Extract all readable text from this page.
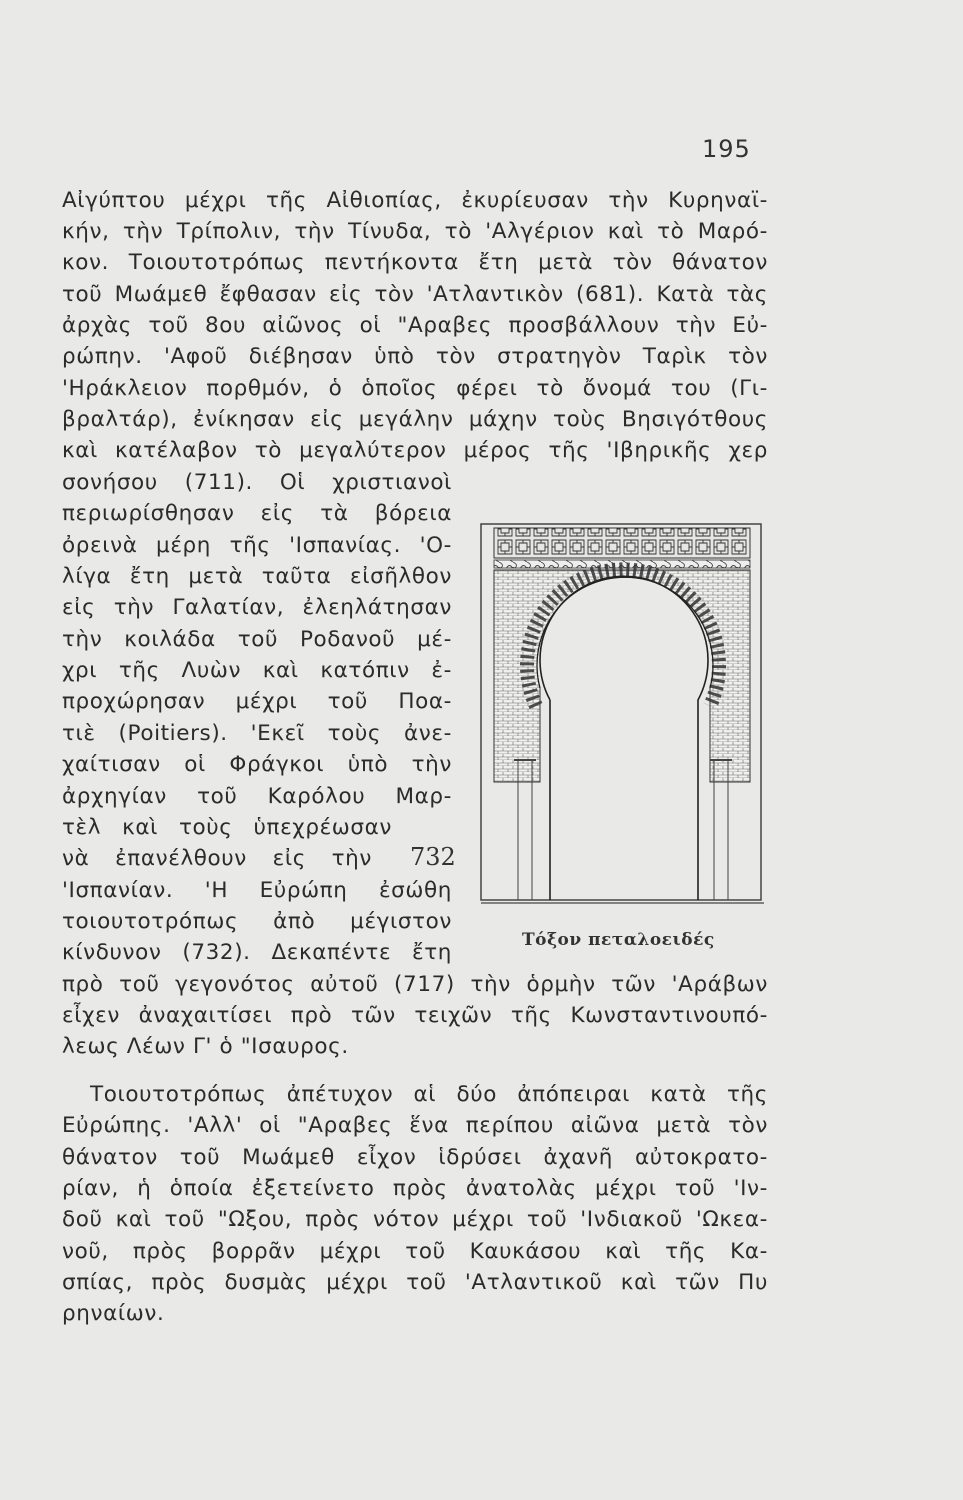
195
Αἰγύπτου μέχρι τῆς Αἰθιοπίας, ἐκυρίευσαν τὴν Κυρηναϊ-
κήν, τὴν Τρίπολιν, τὴν Τίνυδα, τὸ 'Αλγέριον καὶ τὸ Μαρό-
κον. Τοιουτοτρόπως πεντήκοντα ἔτη μετὰ τὸν θάνατον
τοῦ Μωάμεθ ἔφθασαν εἰς τὸν 'Ατλαντικὸν (681). Κατὰ τὰς
ἀρχὰς τοῦ 8ου αἰῶνος οἱ "Αραβες προσβάλλουν τὴν Εὐ-
ρώπην. 'Αφοῦ διέβησαν ὑπὸ τὸν στρατηγὸν Ταρὶκ τὸν
'Ηράκλειον πορθμόν, ὁ ὁποῖος φέρει τὸ ὄνομά του (Γι-
βραλτάρ), ἐνίκησαν εἰς μεγάλην μάχην τοὺς Βησιγότθους
καὶ κατέλαβον τὸ μεγαλύτερον μέρος τῆς 'Ιβηρικῆς χερ
σονήσου (711). Οἱ χριστιανοὶ
περιωρίσθησαν εἰς τὰ βόρεια
ὀρεινὰ μέρη τῆς 'Ισπανίας. 'Ο-
λίγα ἔτη μετὰ ταῦτα εἰσῆλθον
εἰς τὴν Γαλατίαν, ἐλεηλάτησαν
τὴν κοιλάδα τοῦ Ροδανοῦ μέ-
χρι τῆς Λυὼν καὶ κατόπιν ἐ-
προχώρησαν μέχρι τοῦ Ποα-
τιὲ (Poitiers). 'Εκεῖ τοὺς ἀνε-
χαίτισαν οἱ Φράγκοι ὑπὸ τὴν
ἀρχηγίαν τοῦ Καρόλου Μαρ-
τὲλ καὶ τοὺς ὑπεχρέωσαν
νὰ ἐπανέλθουν εἰς τὴν
'Ισπανίαν. 'Η Εὐρώπη ἐσώθη
τοιουτοτρόπως ἀπὸ μέγιστον
κίνδυνον (732). Δεκαπέντε ἔτη
πρὸ τοῦ γεγονότος αὐτοῦ (717) τὴν ὁρμὴν τῶν 'Αράβων
εἶχεν ἀναχαιτίσει πρὸ τῶν τειχῶν τῆς Κωνσταντινουπό-
λεως Λέων Γ' ὁ "Ισαυρος.
Τοιουτοτρόπως ἀπέτυχον αἱ δύο ἀπόπειραι κατὰ τῆς
Εὐρώπης. 'Αλλ' οἱ "Αραβες ἕνα περίπου αἰῶνα μετὰ τὸν
θάνατον τοῦ Μωάμεθ εἶχον ἱδρύσει ἀχανῆ αὐτοκρατο-
ρίαν, ἡ ὁποία ἐξετείνετο πρὸς ἀνατολὰς μέχρι τοῦ 'Ιν-
δοῦ καὶ τοῦ "Ωξου, πρὸς νότον μέχρι τοῦ 'Ινδιακοῦ 'Ωκεα-
νοῦ, πρὸς βορρᾶν μέχρι τοῦ Καυκάσου καὶ τῆς Κα-
σπίας, πρὸς δυσμὰς μέχρι τοῦ 'Ατλαντικοῦ καὶ τῶν Πυ
ρηναίων.
732
Τόξον πεταλοειδές
